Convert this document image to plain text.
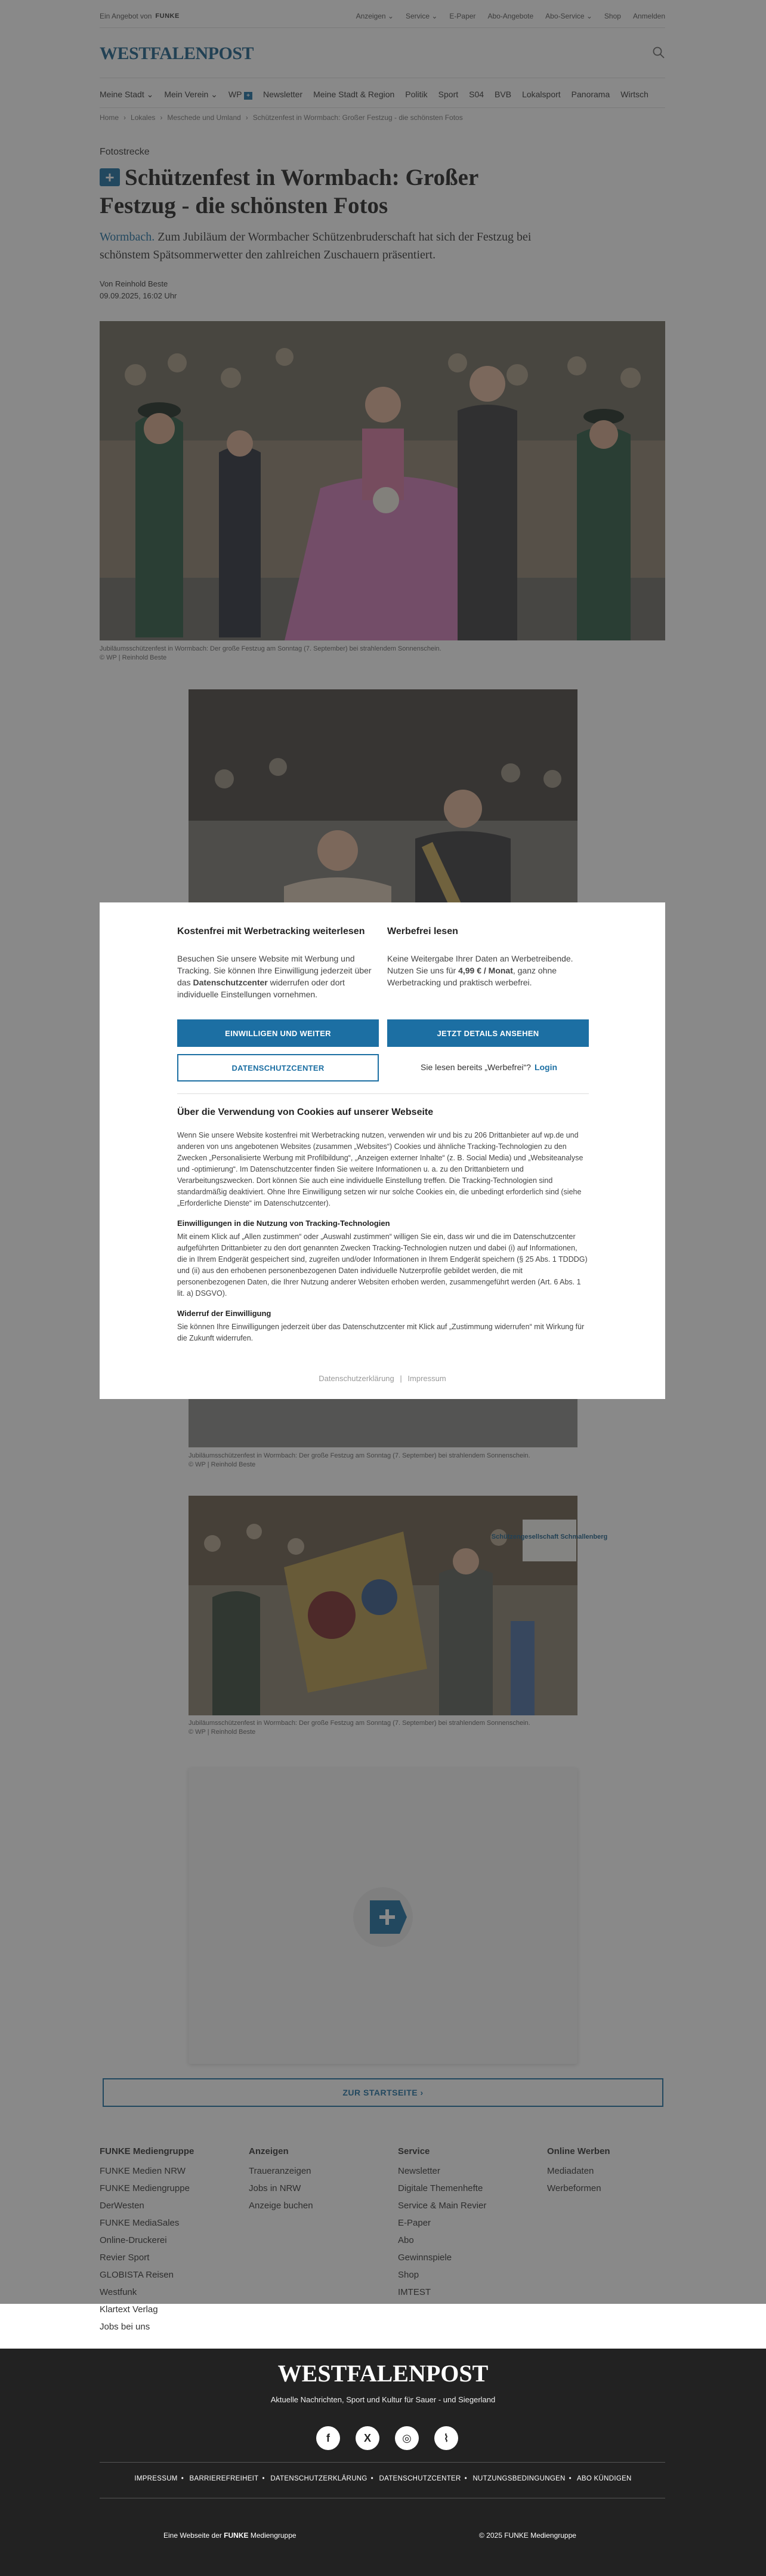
Klartext Verlag
Jobs bei uns
Kostenfrei mit Werbetracking weiterlesen

Besuchen Sie unsere Website mit Werbung und Tracking. Sie können Ihre Einwilligung jederzeit über das Datenschutzcenter widerrufen oder dort individuelle Einstellungen vornehmen.

Werbefrei lesen

Keine Weitergabe Ihrer Daten an Werbetreibende. Nutzen Sie uns für 4,99 € / Monat, ganz ohne Werbetracking und praktisch werbefrei.

EINWILLIGEN UND WEITER	JETZT DETAILS ANSEHEN
DATENSCHUTZCENTER	Sie lesen bereits „Werbefrei“? Login
Über die Verwendung von Cookies auf unserer Webseite
Wenn Sie unsere Website kostenfrei mit Werbetracking nutzen, verwenden wir und bis zu 206 Drittanbieter auf wp.de und anderen von uns angebotenen Websites (zusammen „Websites“) Cookies und ähnliche Tracking-Technologien zu den Zwecken „Personalisierte Werbung mit Profilbildung“, „Anzeigen externer Inhalte“ (z. B. Social Media) und „Websiteanalyse und -optimierung“. Im Datenschutzcenter finden Sie weitere Informationen u. a. zu den Drittanbietern und Verarbeitungszwecken. Dort können Sie auch eine individuelle Einstellung treffen. Die Tracking-Technologien sind standardmäßig deaktiviert. Ohne Ihre Einwilligung setzen wir nur solche Cookies ein, die unbedingt erforderlich sind (siehe „Erforderliche Dienste“ im Datenschutzcenter).
Einwilligungen in die Nutzung von Tracking-Technologien
Mit einem Klick auf „Allen zustimmen“ oder „Auswahl zustimmen“ willigen Sie ein, dass wir und die im Datenschutzcenter aufgeführten Drittanbieter zu den dort genannten Zwecken Tracking-Technologien nutzen und dabei (i) auf Informationen, die in Ihrem Endgerät gespeichert sind, zugreifen und/oder Informationen in Ihrem Endgerät speichern (§ 25 Abs. 1 TDDDG) und (ii) aus den erhobenen personenbezogenen Daten individuelle Nutzerprofile gebildet werden, die mit personenbezogenen Daten, die Ihrer Nutzung anderer Websiten erhoben werden, zusammengeführt werden (Art. 6 Abs. 1 lit. a) DSGVO).
Widerruf der Einwilligung
Sie können Ihre Einwilligungen jederzeit über das Datenschutzcenter mit Klick auf „Zustimmung widerrufen“ mit Wirkung für die Zukunft widerrufen.
Datenschutzerklärung | Impressum
WESTFALENPOST
Aktuelle Nachrichten, Sport und Kultur für Sauer - und Siegerland
f	X	◎	⌇
IMPRESSUM • BARRIEREFREIHEIT • DATENSCHUTZERKLÄRUNG • DATENSCHUTZCENTER • NUTZUNGSBEDINGUNGEN • ABO KÜNDIGEN
Eine Webseite der FUNKE Mediengruppe	© 2025 FUNKE Mediengruppe
